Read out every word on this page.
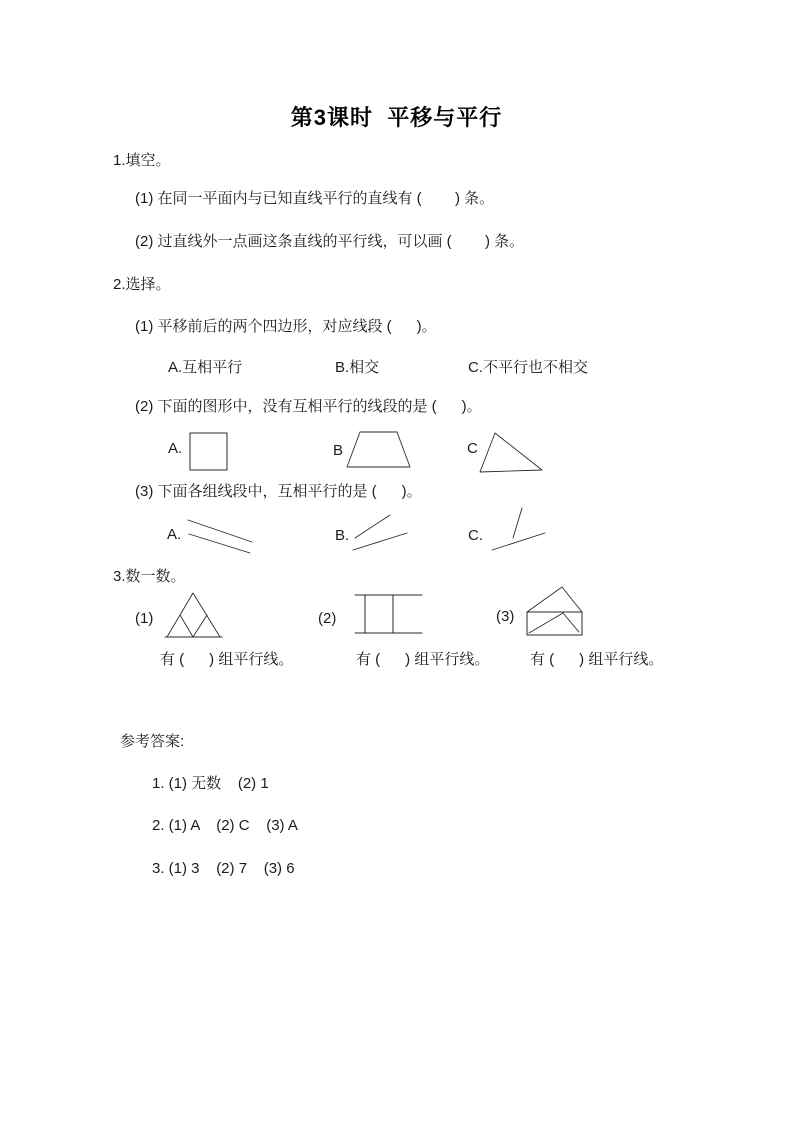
第3课时  平移与平行
1.填空。
(1) 在同一平面内与已知直线平行的直线有 (        ) 条。
(2) 过直线外一点画这条直线的平行线，可以画 (        ) 条。
2.选择。
(1) 平移前后的两个四边形，对应线段 (      )。
A.互相平行	B.相交	C.不平行也不相交
(2) 下面的图形中，没有互相平行的线段的是 (      )。
A.	B	C
(3) 下面各组线段中，互相平行的是 (      )。
A.	B.	C.
3.数一数。
(1)	(2)	(3)
有 (      ) 组平行线。	有 (      ) 组平行线。	有 (      ) 组平行线。
参考答案:
1. (1) 无数    (2) 1
2. (1) A    (2) C    (3) A
3. (1) 3    (2) 7    (3) 6
